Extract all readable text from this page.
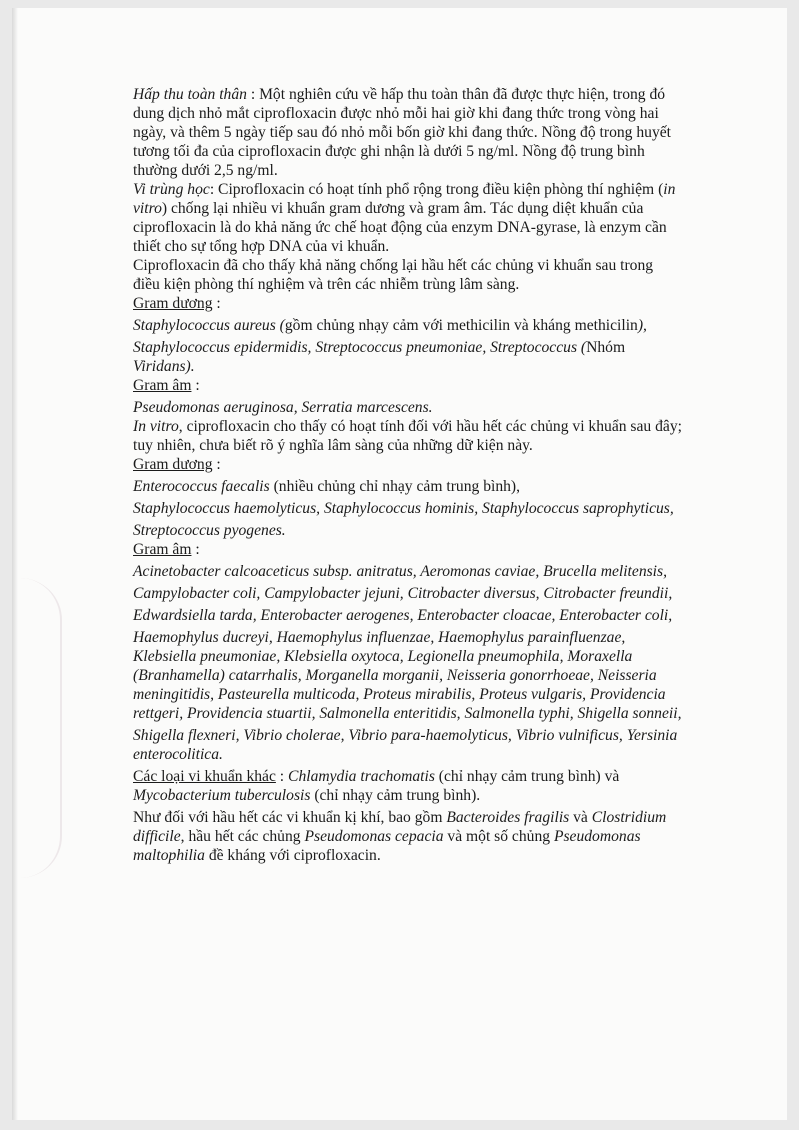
Hấp thu toàn thân : Một nghiên cứu về hấp thu toàn thân đã được thực hiện, trong đó dung dịch nhỏ mắt ciprofloxacin được nhỏ mỗi hai giờ khi đang thức trong vòng hai ngày, và thêm 5 ngày tiếp sau đó nhỏ mỗi bốn giờ khi đang thức. Nồng độ trong huyết tương tối đa của ciprofloxacin được ghi nhận là dưới 5 ng/ml. Nồng độ trung bình thường dưới 2,5 ng/ml.

Vi trùng học: Ciprofloxacin có hoạt tính phổ rộng trong điều kiện phòng thí nghiệm (in vitro) chống lại nhiều vi khuẩn gram dương và gram âm. Tác dụng diệt khuẩn của ciprofloxacin là do khả năng ức chế hoạt động của enzym DNA-gyrase, là enzym cần thiết cho sự tổng hợp DNA của vi khuẩn.

Ciprofloxacin đã cho thấy khả năng chống lại hầu hết các chủng vi khuẩn sau trong điều kiện phòng thí nghiệm và trên các nhiễm trùng lâm sàng.

Gram dương :

Staphylococcus aureus (gồm chủng nhạy cảm với methicilin và kháng methicilin),

Staphylococcus epidermidis, Streptococcus pneumoniae, Streptococcus (Nhóm Viridans).

Gram âm :

Pseudomonas aeruginosa, Serratia marcescens.

In vitro, ciprofloxacin cho thấy có hoạt tính đối với hầu hết các chủng vi khuẩn sau đây; tuy nhiên, chưa biết rõ ý nghĩa lâm sàng của những dữ kiện này.

Gram dương :

Enterococcus faecalis (nhiều chủng chỉ nhạy cảm trung bình),

Staphylococcus haemolyticus, Staphylococcus hominis, Staphylococcus saprophyticus,

Streptococcus pyogenes.

Gram âm :

Acinetobacter calcoaceticus subsp. anitratus, Aeromonas caviae, Brucella melitensis,

Campylobacter coli, Campylobacter jejuni, Citrobacter diversus, Citrobacter freundii,

Edwardsiella tarda, Enterobacter aerogenes, Enterobacter cloacae, Enterobacter coli,

Haemophylus ducreyi, Haemophylus influenzae, Haemophylus parainfluenzae, Klebsiella pneumoniae, Klebsiella oxytoca, Legionella pneumophila, Moraxella (Branhamella) catarrhalis, Morganella morganii, Neisseria gonorrhoeae, Neisseria meningitidis, Pasteurella multicoda, Proteus mirabilis, Proteus vulgaris, Providencia rettgeri, Providencia stuartii, Salmonella enteritidis, Salmonella typhi, Shigella sonneii,

Shigella flexneri, Vibrio cholerae, Vibrio para-haemolyticus, Vibrio vulnificus, Yersinia enterocolitica.

Các loại vi khuẩn khác : Chlamydia trachomatis (chỉ nhạy cảm trung bình) và Mycobacterium tuberculosis (chỉ nhạy cảm trung bình).

Như đối với hầu hết các vi khuẩn kị khí, bao gồm Bacteroides fragilis và Clostridium difficile, hầu hết các chủng Pseudomonas cepacia và một số chủng Pseudomonas maltophilia đề kháng với ciprofloxacin.
